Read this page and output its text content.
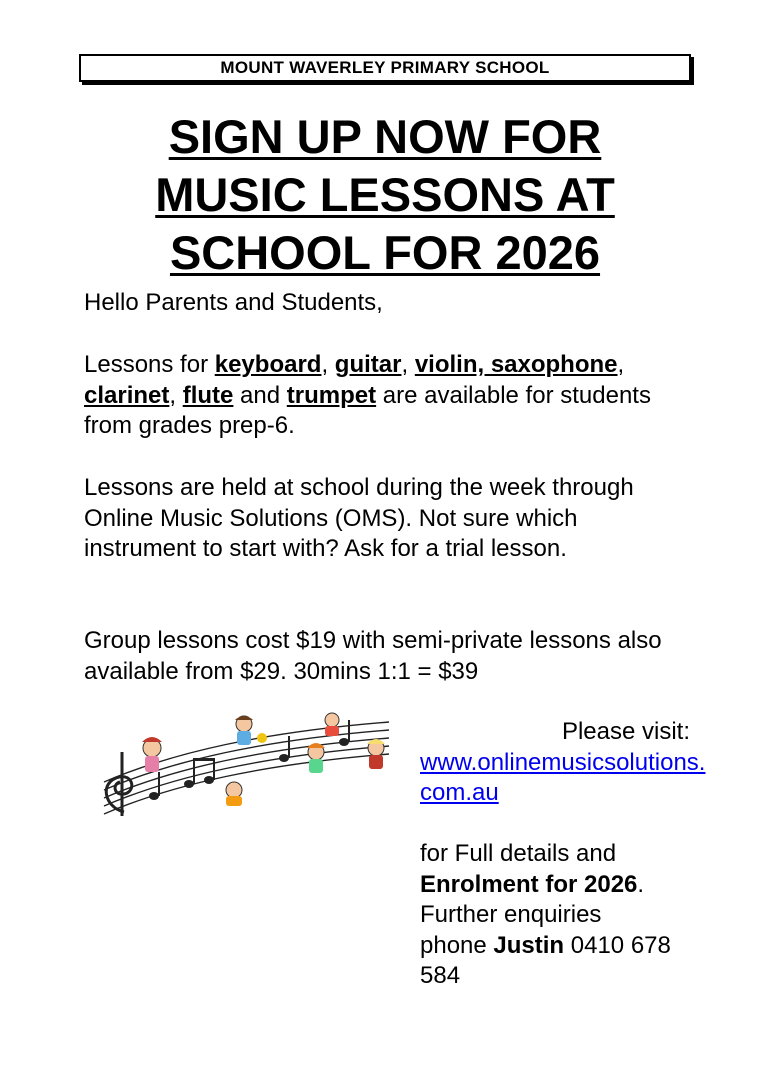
MOUNT WAVERLEY PRIMARY SCHOOL
SIGN UP NOW FOR
MUSIC LESSONS AT
SCHOOL FOR 2026
Hello Parents and Students,
Lessons for keyboard, guitar, violin, saxophone, clarinet, flute and trumpet are available for students from grades prep-6.
Lessons are held at school during the week through Online Music Solutions (OMS). Not sure which instrument to start with? Ask for a trial lesson.
Group lessons cost $19 with semi-private lessons also available from $29. 30mins 1:1 = $39
Please visit:
www.onlinemusicsolutions.com.au
for Full details and
Enrolment for 2026.
Further enquiries
phone Justin 0410 678 584
